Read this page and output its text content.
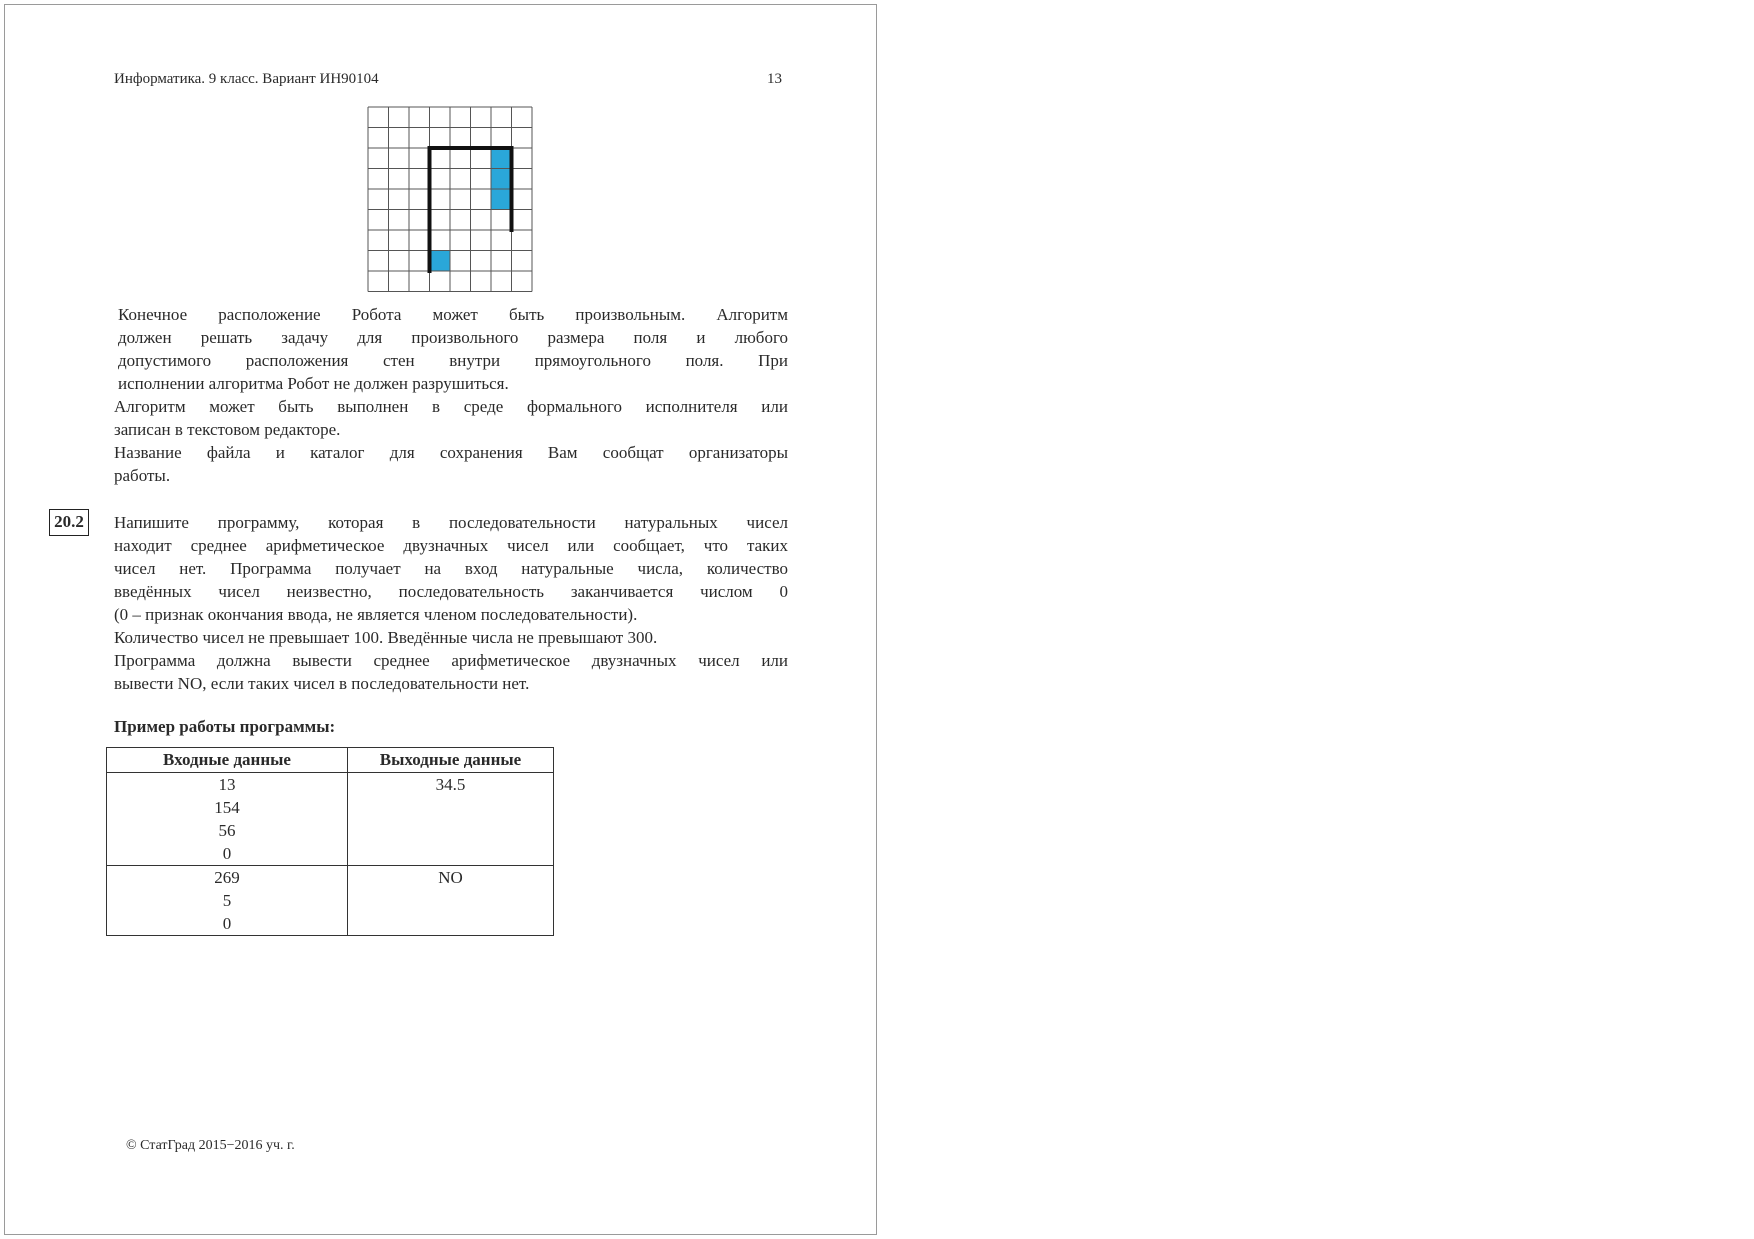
Информатика. 9 класс. Вариант ИН90104	13
Конечное расположение Робота может быть произвольным. Алгоритм
должен решать задачу для произвольного размера поля и любого
допустимого расположения стен внутри прямоугольного поля. При
исполнении алгоритма Робот не должен разрушиться.
Алгоритм может быть выполнен в среде формального исполнителя или
записан в текстовом редакторе.
Название файла и каталог для сохранения Вам сообщат организаторы
работы.
20.2	Напишите программу, которая в последовательности натуральных чисел
находит среднее арифметическое двузначных чисел или сообщает, что таких
чисел нет. Программа получает на вход натуральные числа, количество
введённых чисел неизвестно, последовательность заканчивается числом 0
(0 – признак окончания ввода, не является членом последовательности).
Количество чисел не превышает 100. Введённые числа не превышают 300.
Программа должна вывести среднее арифметическое двузначных чисел или
вывести NO, если таких чисел в последовательности нет.
Пример работы программы:
Входные данные	Выходные данные

13
154
56
0	34.5

269
5
0	NO
© СтатГрад 2015−2016 уч. г.
